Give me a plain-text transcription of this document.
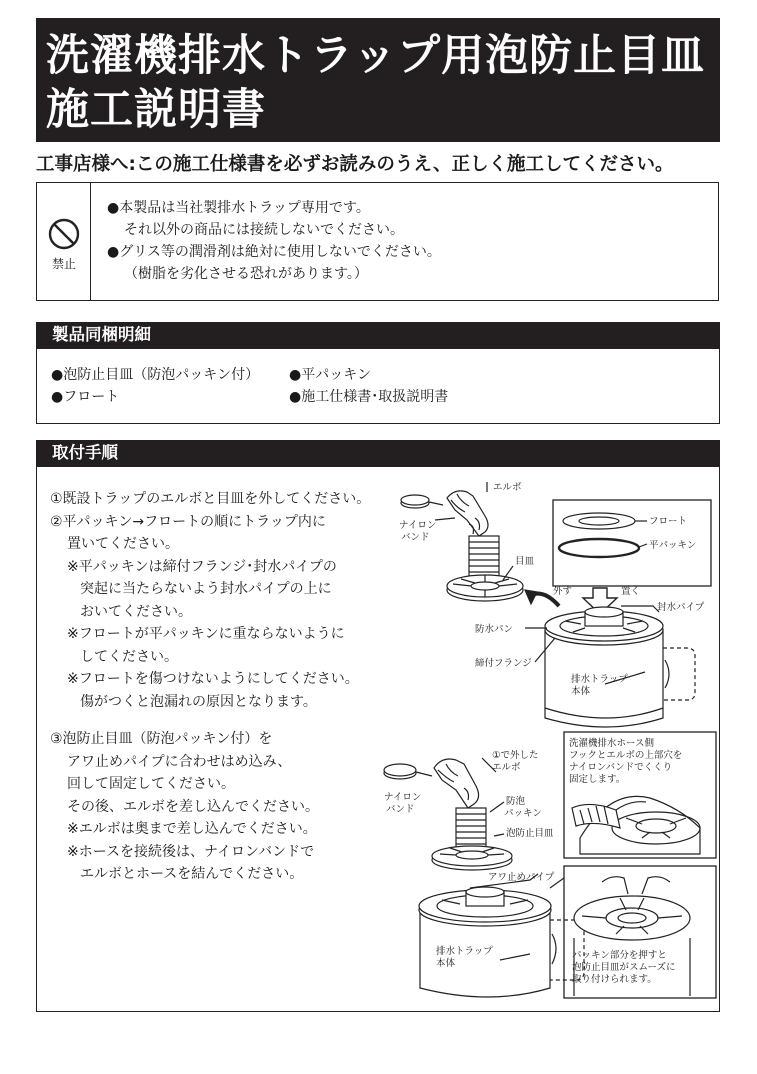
洗濯機排水トラップ用泡防止目皿
施工説明書
工事店様へ:この施工仕様書を必ずお読みのうえ、正しく施工してください。
禁止
●本製品は当社製排水トラップ専用です。
それ以外の商品には接続しないでください。
●グリス等の潤滑剤は絶対に使用しないでください。
（樹脂を劣化させる恐れがあります。）
製品同梱明細
●泡防止目皿（防泡パッキン付） ●平パッキン
●フロート	●施工仕様書･取扱説明書
取付手順
①既設トラップのエルボと目皿を外してください。
②平パッキン→フロートの順にトラップ内に
置いてください。
※平パッキンは締付フランジ･封水パイプの
突起に当たらないよう封水パイプの上に
おいてください。
※フロートが平パッキンに重ならないように
してください。
※フロートを傷つけないようにしてください。
傷がつくと泡漏れの原因となります。
③泡防止目皿（防泡パッキン付）を
アワ止めパイプに合わせはめ込み、
回して固定してください。
その後、エルボを差し込んでください。
※エルボは奥まで差し込んでください。
※ホースを接続後は、ナイロンバンドで
エルボとホースを結んでください。
エルボ
ナイロン
バンド
目皿
フロート
平パッキン
外す	置く
封水パイプ
防水パン
締付フランジ
排水トラップ
本体
①で外した
エルボ
ナイロン
バンド
防泡
パッキン
泡防止目皿
アワ止めパイプ
排水トラップ
本体
洗濯機排水ホース側
フックとエルボの上部穴を
ナイロンバンドでくくり
固定します。
パッキン部分を押すと
泡防止目皿がスムーズに
取り付けられます。
